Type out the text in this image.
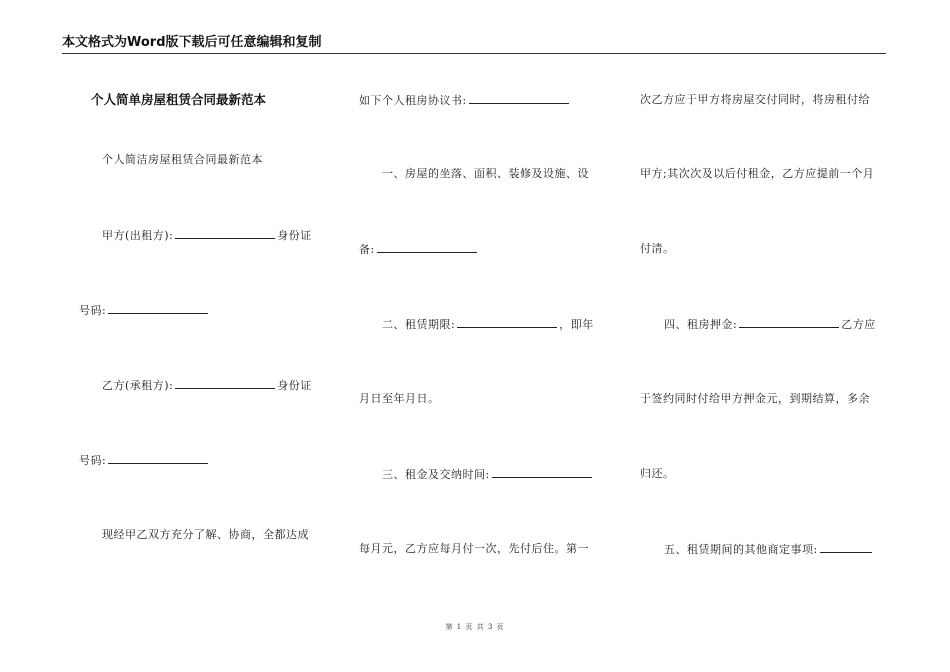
本文格式为Word版下载后可任意编辑和复制
个人简单房屋租赁合同最新范本
个人简洁房屋租赁合同最新范本
甲方(出租方):	身份证
号码:
乙方(承租方):	身份证
号码:
现经甲乙双方充分了解、协商，全都达成
如下个人租房协议书:
一、房屋的坐落、面积、装修及设施、设
备:
二、租赁期限:	，即年
月日至年月日。
三、租金及交纳时间:
每月元，乙方应每月付一次，先付后住。第一
次乙方应于甲方将房屋交付同时，将房租付给
甲方;其次次及以后付租金，乙方应提前一个月
付清。
四、租房押金:	乙方应
于签约同时付给甲方押金元，到期结算，多余
归还。
五、租赁期间的其他商定事项:
第 1 页 共 3 页
